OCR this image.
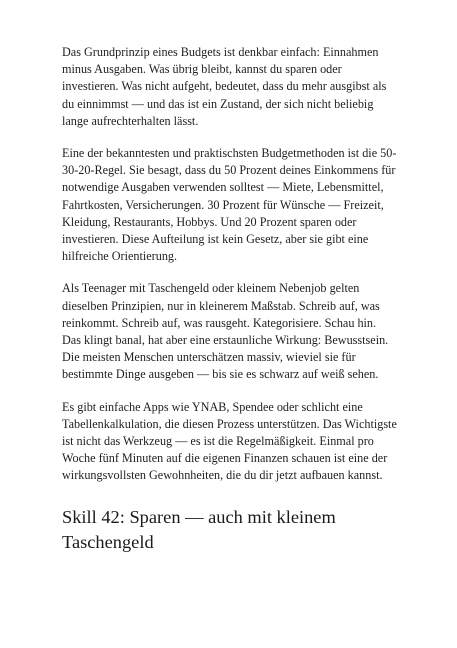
Das Grundprinzip eines Budgets ist denkbar einfach: Einnahmen minus Ausgaben. Was übrig bleibt, kannst du sparen oder investieren. Was nicht aufgeht, bedeutet, dass du mehr ausgibst als du einnimmst — und das ist ein Zustand, der sich nicht beliebig lange aufrechterhalten lässt.

Eine der bekanntesten und praktischsten Budgetmethoden ist die 50-30-20-Regel. Sie besagt, dass du 50 Prozent deines Einkommens für notwendige Ausgaben verwenden solltest — Miete, Lebensmittel, Fahrtkosten, Versicherungen. 30 Prozent für Wünsche — Freizeit, Kleidung, Restaurants, Hobbys. Und 20 Prozent sparen oder investieren. Diese Aufteilung ist kein Gesetz, aber sie gibt eine hilfreiche Orientierung.

Als Teenager mit Taschengeld oder kleinem Nebenjob gelten dieselben Prinzipien, nur in kleinerem Maßstab. Schreib auf, was reinkommt. Schreib auf, was rausgeht. Kategorisiere. Schau hin. Das klingt banal, hat aber eine erstaunliche Wirkung: Bewusstsein. Die meisten Menschen unterschätzen massiv, wieviel sie für bestimmte Dinge ausgeben — bis sie es schwarz auf weiß sehen.

Es gibt einfache Apps wie YNAB, Spendee oder schlicht eine Tabellenkalkulation, die diesen Prozess unterstützen. Das Wichtigste ist nicht das Werkzeug — es ist die Regelmäßigkeit. Einmal pro Woche fünf Minuten auf die eigenen Finanzen schauen ist eine der wirkungsvollsten Gewohnheiten, die du dir jetzt aufbauen kannst.

Skill 42: Sparen — auch mit kleinem Taschengeld
